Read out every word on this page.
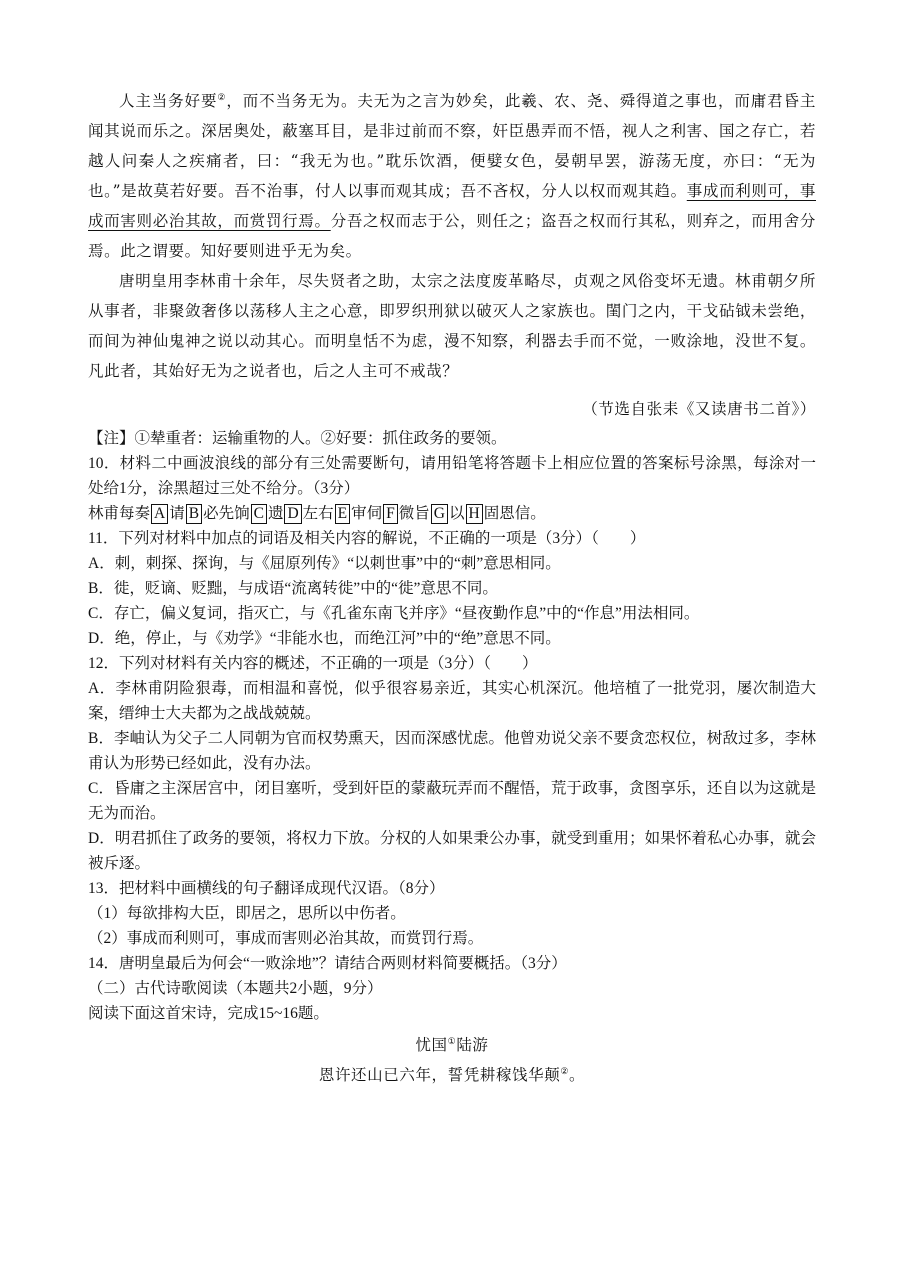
人主当务好要②，而不当务无为。夫无为之言为妙矣，此羲、农、尧、舜得道之事也，而庸君昏主闻其说而乐之。深居奥处，蔽塞耳目，是非过前而不察，奸臣愚弄而不悟，视人之利害、国之存亡，若越人问秦人之疾痛者，曰：“我无为也。”耽乐饮酒，便嬖女色，晏朝早罢，游荡无度，亦曰：“无为也。”是故莫若好要。吾不治事，付人以事而观其成；吾不吝权，分人以权而观其趋。事成而利则可，事成而害则必治其故，而赏罚行焉。分吾之权而志于公，则任之；盗吾之权而行其私，则弃之，而用舍分焉。此之谓要。知好要则进乎无为矣。

唐明皇用李林甫十余年，尽失贤者之助，太宗之法度废革略尽，贞观之风俗变坏无遗。林甫朝夕所从事者，非聚敛奢侈以荡移人主之心意，即罗织刑狱以破灭人之家族也。閨门之内，干戈砧钺未尝绝，而间为神仙鬼神之说以动其心。而明皇恬不为虑，漫不知察，利器去手而不觉，一败涂地，没世不复。凡此者，其始好无为之说者也，后之人主可不戒哉？

（节选自张耒《又读唐书二首》）

【注】①辇重者：运输重物的人。②好要：抓住政务的要领。

10．材料二中画波浪线的部分有三处需要断句，请用铅笔将答题卡上相应位置的答案标号涂黑，每涂对一处给1分，涂黑超过三处不给分。（3分）

林甫每奏 A 请 B 必先饷 C 遗 D 左右 E 审伺 F 微旨 G 以 H 固恩信。

11．下列对材料中加点的词语及相关内容的解说，不正确的一项是（3分）（　　）

A．刺，刺探、探询，与《屈原列传》“以刺世事”中的“刺”意思相同。

B．徙，贬谪、贬黜，与成语“流离转徙”中的“徙”意思不同。

C．存亡，偏义复词，指灭亡，与《孔雀东南飞并序》“昼夜勤作息”中的“作息”用法相同。

D．绝，停止，与《劝学》“非能水也，而绝江河”中的“绝”意思不同。

12．下列对材料有关内容的概述，不正确的一项是（3分）（　　）

A．李林甫阴险狠毒，而相温和喜悦，似乎很容易亲近，其实心机深沉。他培植了一批党羽，屡次制造大案，缙绅士大夫都为之战战兢兢。

B．李岫认为父子二人同朝为官而权势熏天，因而深感忧虑。他曾劝说父亲不要贪恋权位，树敌过多，李林甫认为形势已经如此，没有办法。

C．昏庸之主深居宫中，闭目塞听，受到奸臣的蒙蔽玩弄而不醒悟，荒于政事，贪图享乐，还自以为这就是无为而治。

D．明君抓住了政务的要领，将权力下放。分权的人如果秉公办事，就受到重用；如果怀着私心办事，就会被斥逐。

13．把材料中画横线的句子翻译成现代汉语。（8分）

（1）每欲排构大臣，即居之，思所以中伤者。

（2）事成而利则可，事成而害则必治其故，而赏罚行焉。

14．唐明皇最后为何会“一败涂地”？请结合两则材料简要概括。（3分）

（二）古代诗歌阅读（本题共2小题，9分）

阅读下面这首宋诗，完成15~16题。

忧国①陆游

恩许还山已六年，誓凭耕稼饯华颠②。
